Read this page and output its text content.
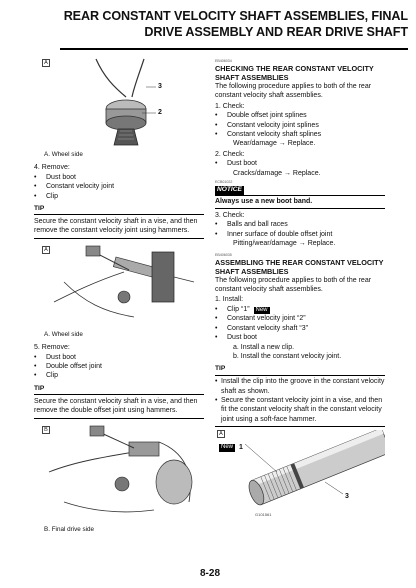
REAR CONSTANT VELOCITY SHAFT ASSEMBLIES, FINAL
DRIVE ASSEMBLY AND REAR DRIVE SHAFT
A
3
2
A. Wheel side
4. Remove:
• Dust boot
• Constant velocity joint
• Clip
TIP
Secure the constant velocity shaft in a vise, and then remove the constant velocity joint using hammers.
A
A. Wheel side
5. Remove:
• Dust boot
• Double offset joint
• Clip
TIP
Secure the constant velocity shaft in a vise, and then remove the double offset joint using hammers.
B
B. Final drive side
EB406034
CHECKING THE REAR CONSTANT VELOCITY SHAFT ASSEMBLIES
The following procedure applies to both of the rear constant velocity shaft assemblies.
1. Check:
• Double offset joint splines
• Constant velocity joint splines
• Constant velocity shaft splines
Wear/damage → Replace.
2. Check:
• Dust boot
Cracks/damage → Replace.
ECB01022
NOTICE
Always use a new boot band.
3. Check:
• Balls and ball races
• Inner surface of double offset joint
Pitting/wear/damage → Replace.
EB406035
ASSEMBLING THE REAR CONSTANT VELOCITY SHAFT ASSEMBLIES
The following procedure applies to both of the rear constant velocity shaft assemblies.
1. Install:
• Clip “1” New
• Constant velocity joint “2”
• Constant velocity shaft “3”
• Dust boot
a. Install a new clip.
b. Install the constant velocity joint.
TIP
• Install the clip into the groove in the constant velocity shaft as shown.
• Secure the constant velocity joint in a vise, and then fit the constant velocity shaft in the constant velocity joint using a soft-face hammer.
A
New 1
3
G101561
8-28
